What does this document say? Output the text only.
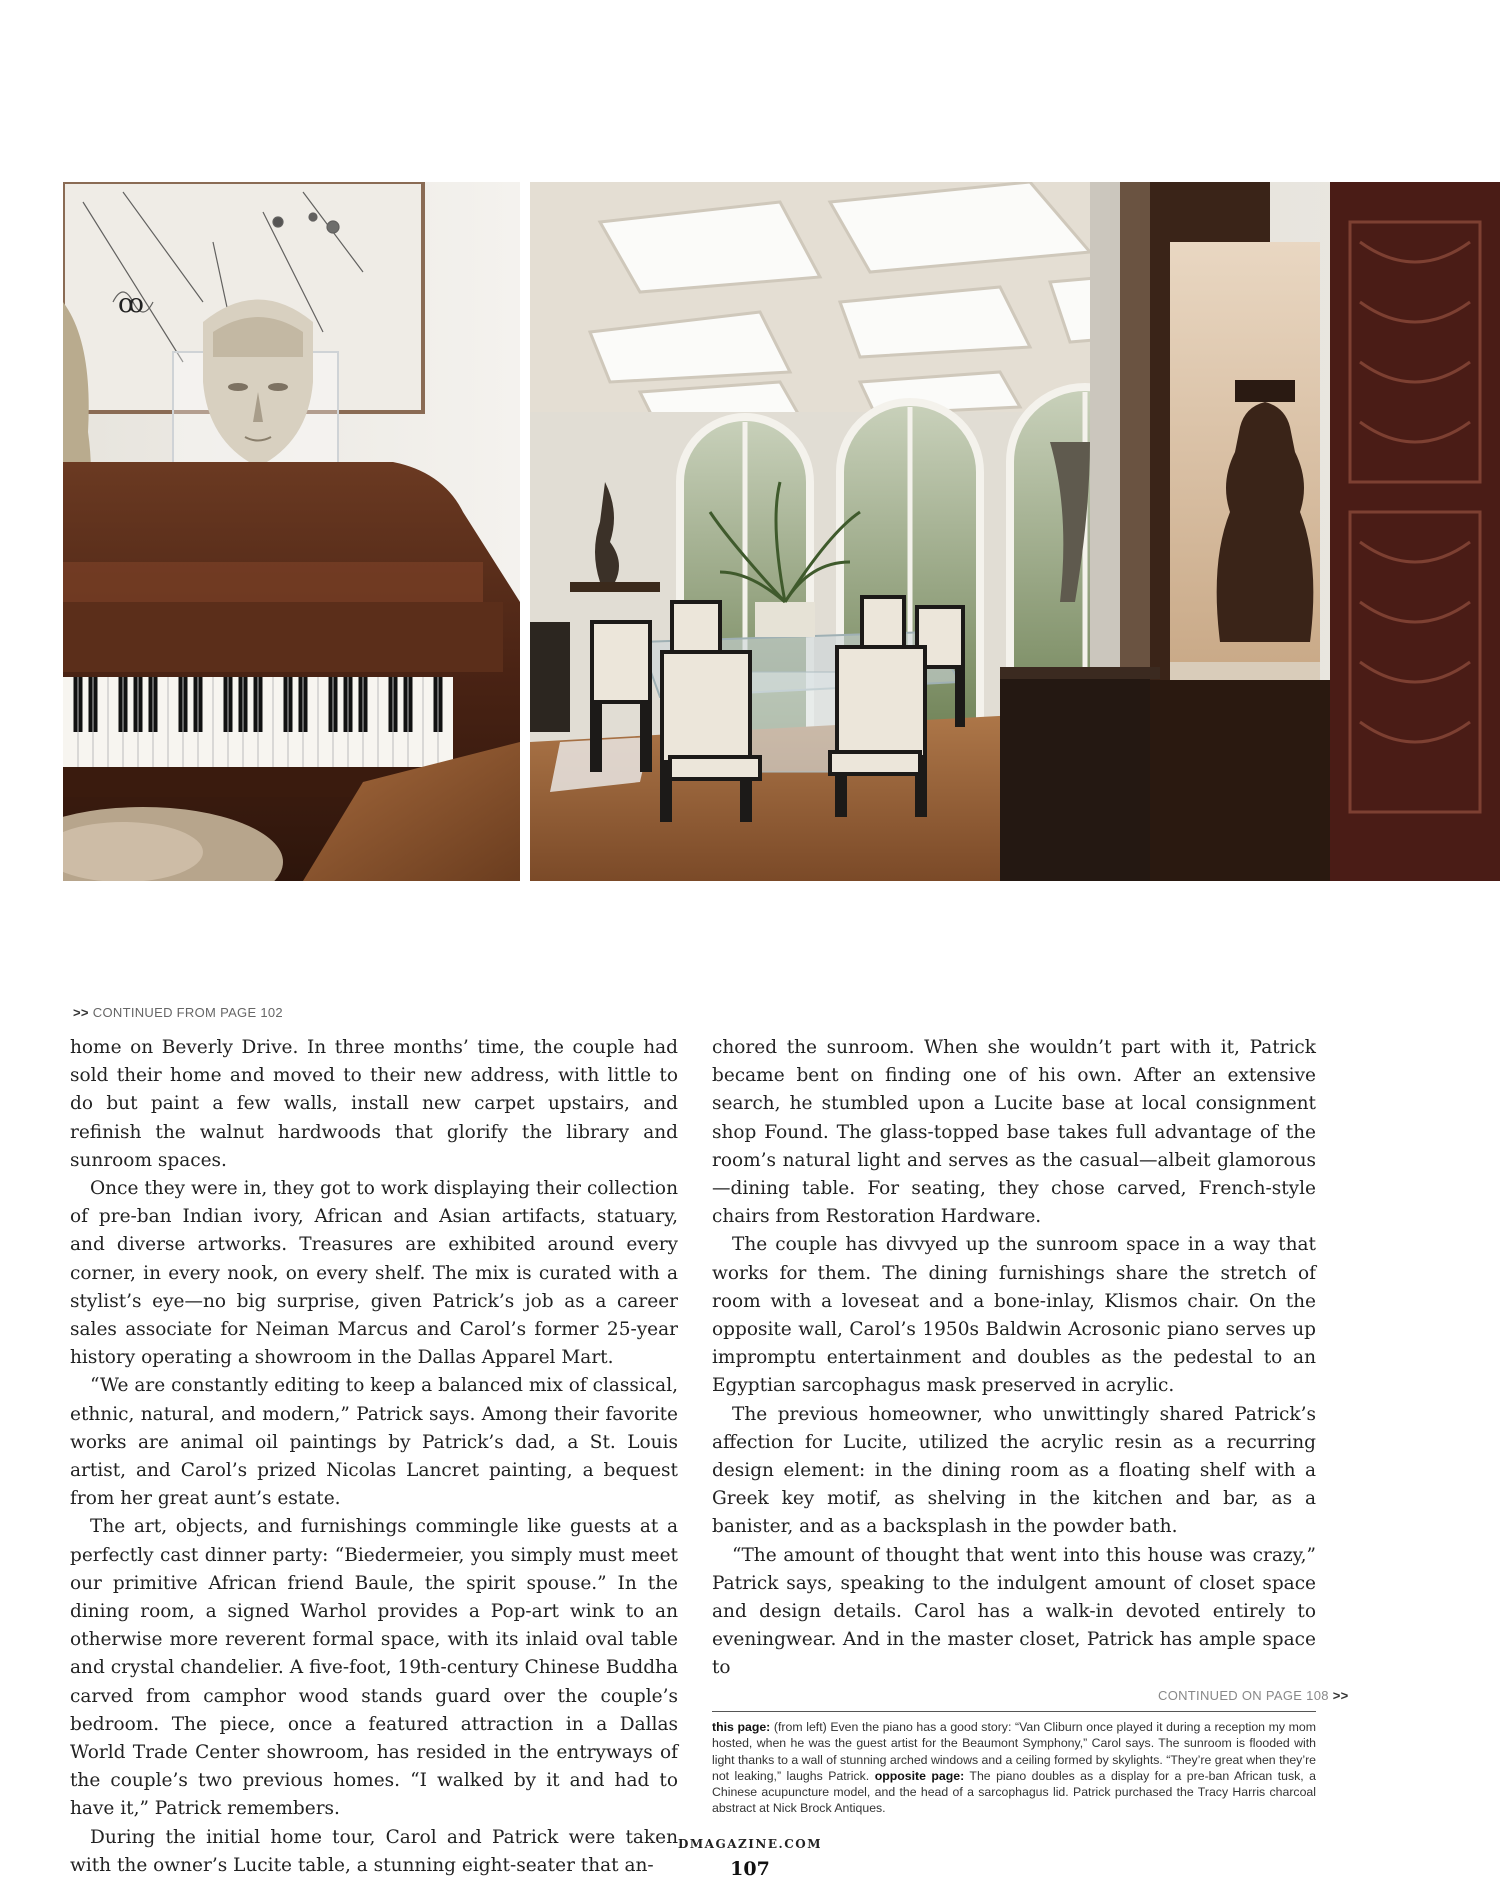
ꝏ
>> CONTINUED FROM PAGE 102

home on Beverly Drive. In three months’ time, the couple had sold their home and moved to their new address, with little to do but paint a few walls, install new carpet upstairs, and refinish the walnut hardwoods that glorify the library and sunroom spaces.

Once they were in, they got to work displaying their collection of pre-ban Indian ivory, African and Asian artifacts, statuary, and diverse artworks. Treasures are exhibited around every corner, in every nook, on every shelf. The mix is curated with a stylist’s eye—no big surprise, given Patrick’s job as a career sales associate for Neiman Marcus and Carol’s former 25-year history operating a showroom in the Dallas Apparel Mart.

“We are constantly editing to keep a balanced mix of classical, ethnic, natural, and modern,” Patrick says. Among their favorite works are animal oil paintings by Patrick’s dad, a St. Louis artist, and Carol’s prized Nicolas Lancret painting, a bequest from her great aunt’s estate.

The art, objects, and furnishings commingle like guests at a perfectly cast dinner party: “Biedermeier, you simply must meet our primitive African friend Baule, the spirit spouse.” In the dining room, a signed Warhol provides a Pop-art wink to an otherwise more reverent formal space, with its inlaid oval table and crystal chandelier. A five-foot, 19th-century Chinese Buddha carved from camphor wood stands guard over the couple’s bedroom. The piece, once a featured attraction in a Dallas World Trade Center showroom, has resided in the entryways of the couple’s two previous homes. “I walked by it and had to have it,” Patrick remembers.

During the initial home tour, Carol and Patrick were taken with the owner’s Lucite table, a stunning eight-seater that an-

chored the sunroom. When she wouldn’t part with it, Patrick became bent on finding one of his own. After an extensive search, he stumbled upon a Lucite base at local consignment shop Found. The glass-topped base takes full advantage of the room’s natural light and serves as the casual—albeit glamorous—dining table. For seating, they chose carved, French-style chairs from Restoration Hardware.

The couple has divvyed up the sunroom space in a way that works for them. The dining furnishings share the stretch of room with a loveseat and a bone-inlay, Klismos chair. On the opposite wall, Carol’s 1950s Baldwin Acrosonic piano serves up impromptu entertainment and doubles as the pedestal to an Egyptian sarcophagus mask preserved in acrylic.

The previous homeowner, who unwittingly shared Patrick’s affection for Lucite, utilized the acrylic resin as a recurring design element: in the dining room as a floating shelf with a Greek key motif, as shelving in the kitchen and bar, as a banister, and as a backsplash in the powder bath.

“The amount of thought that went into this house was crazy,” Patrick says, speaking to the indulgent amount of closet space and design details. Carol has a walk-in devoted entirely to eveningwear. And in the master closet, Patrick has ample space to

CONTINUED ON PAGE 108 >>
this page: (from left) Even the piano has a good story: “Van Cliburn once played it during a reception my mom hosted, when he was the guest artist for the Beaumont Symphony,” Carol says. The sunroom is flooded with light thanks to a wall of stunning arched windows and a ceiling formed by skylights. “They’re great when they’re not leaking,” laughs Patrick. opposite page: The piano doubles as a display for a pre-ban African tusk, a Chinese acupuncture model, and the head of a sarcophagus lid. Patrick purchased the Tracy Harris charcoal abstract at Nick Brock Antiques.
DMAGAZINE.COM
107
